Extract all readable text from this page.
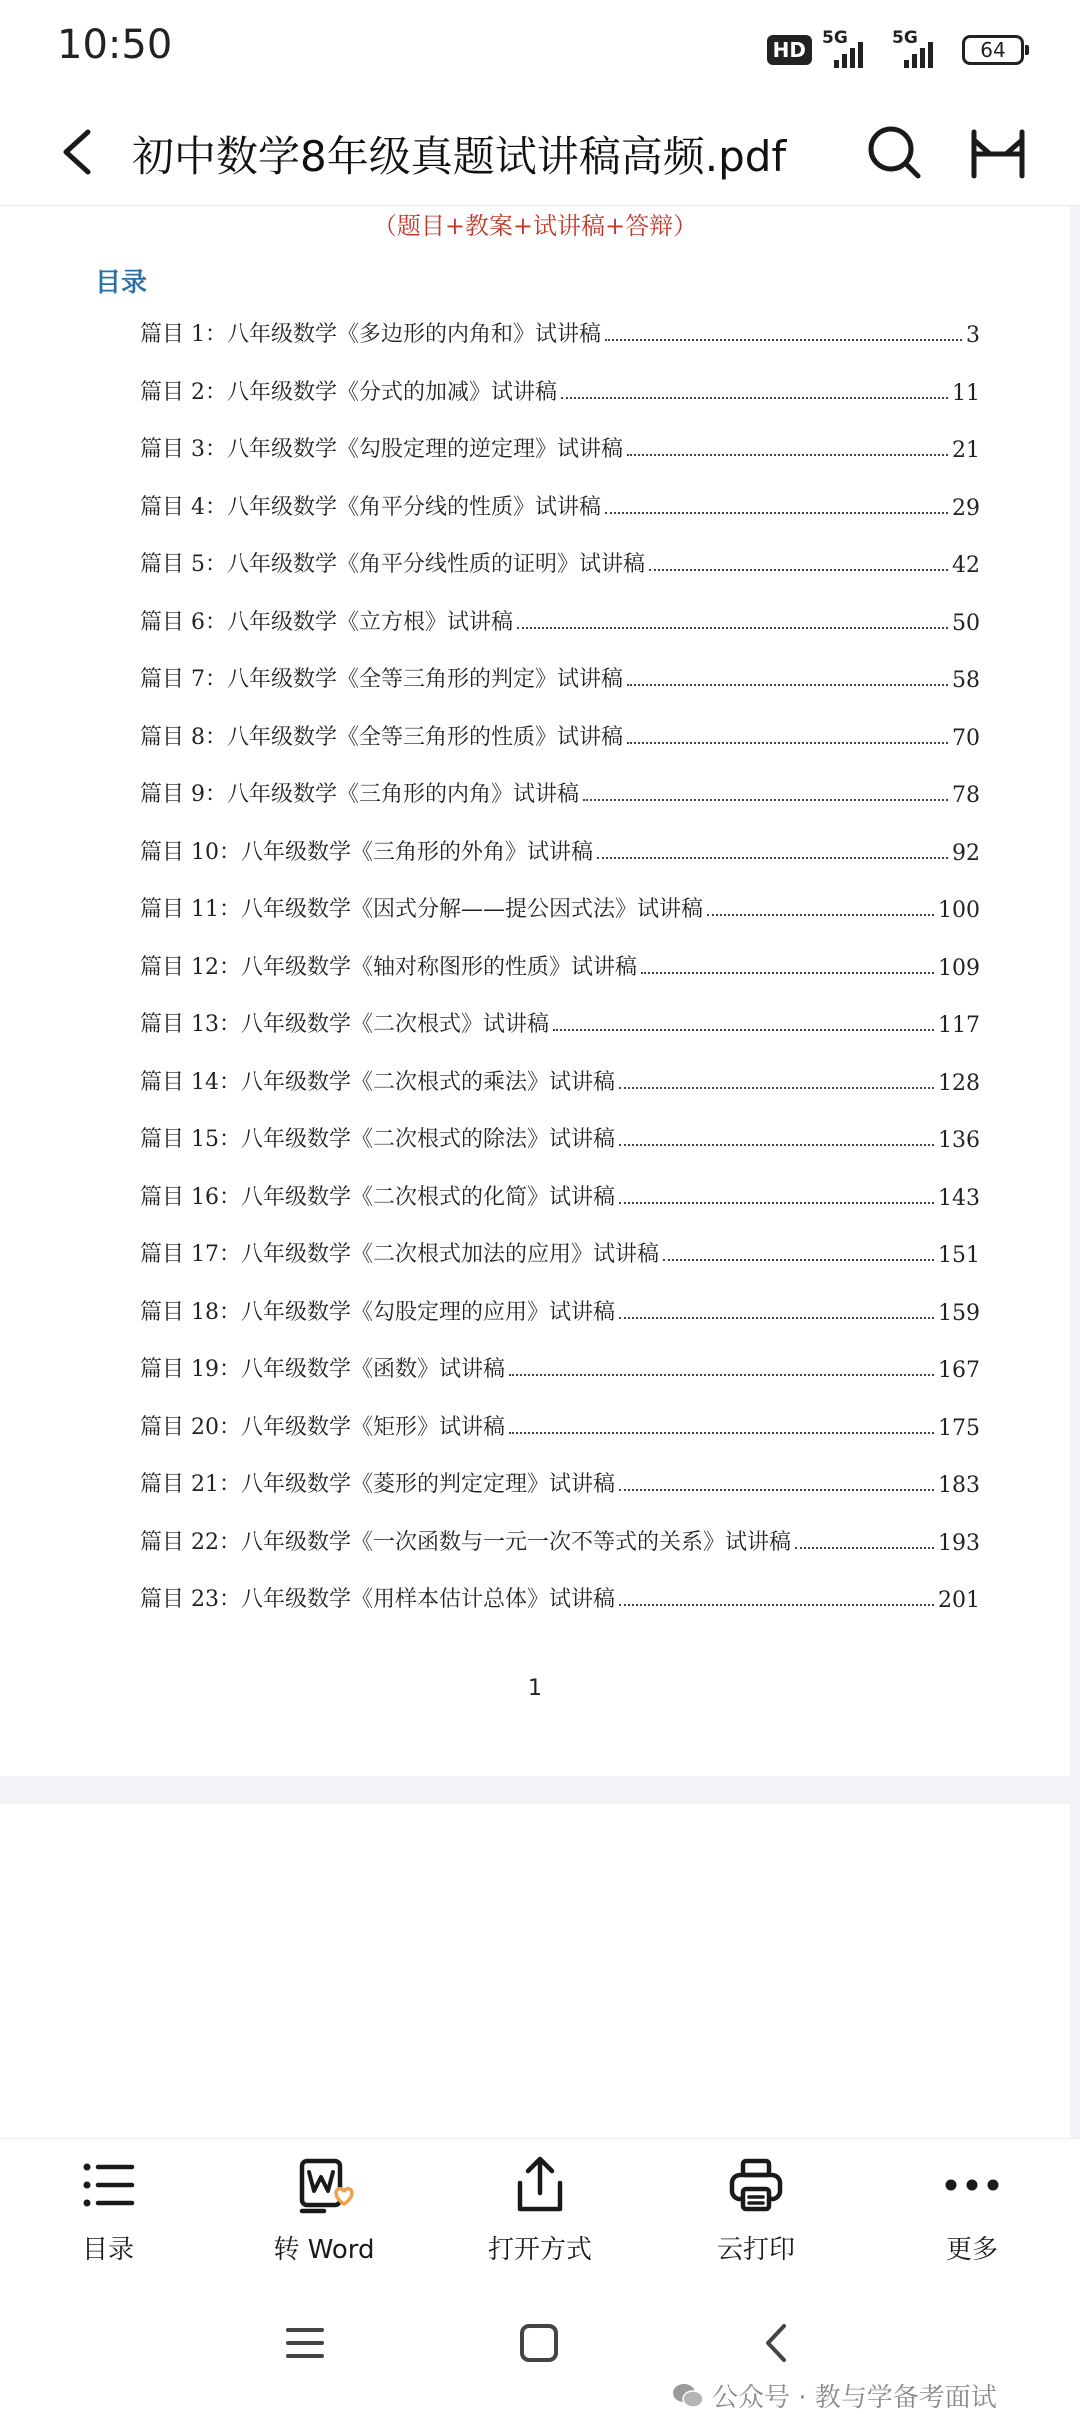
10:50	HD 5G	5G	64
初中数学8年级真题试讲稿高频.pdf
（题目+教案+试讲稿+答辩）
目录
篇目 1：八年级数学《多边形的内角和》试讲稿	3
篇目 2：八年级数学《分式的加减》试讲稿	11
篇目 3：八年级数学《勾股定理的逆定理》试讲稿	21
篇目 4：八年级数学《角平分线的性质》试讲稿	29
篇目 5：八年级数学《角平分线性质的证明》试讲稿	42
篇目 6：八年级数学《立方根》试讲稿	50
篇目 7：八年级数学《全等三角形的判定》试讲稿	58
篇目 8：八年级数学《全等三角形的性质》试讲稿	70
篇目 9：八年级数学《三角形的内角》试讲稿	78
篇目 10：八年级数学《三角形的外角》试讲稿	92
篇目 11：八年级数学《因式分解——提公因式法》试讲稿	100
篇目 12：八年级数学《轴对称图形的性质》试讲稿	109
篇目 13：八年级数学《二次根式》试讲稿	117
篇目 14：八年级数学《二次根式的乘法》试讲稿	128
篇目 15：八年级数学《二次根式的除法》试讲稿	136
篇目 16：八年级数学《二次根式的化简》试讲稿	143
篇目 17：八年级数学《二次根式加法的应用》试讲稿	151
篇目 18：八年级数学《勾股定理的应用》试讲稿	159
篇目 19：八年级数学《函数》试讲稿	167
篇目 20：八年级数学《矩形》试讲稿	175
篇目 21：八年级数学《菱形的判定定理》试讲稿	183
篇目 22：八年级数学《一次函数与一元一次不等式的关系》试讲稿	193
篇目 23：八年级数学《用样本估计总体》试讲稿	201
1
目录	转 Word	打开方式	云打印	更多
公众号 · 教与学备考面试
